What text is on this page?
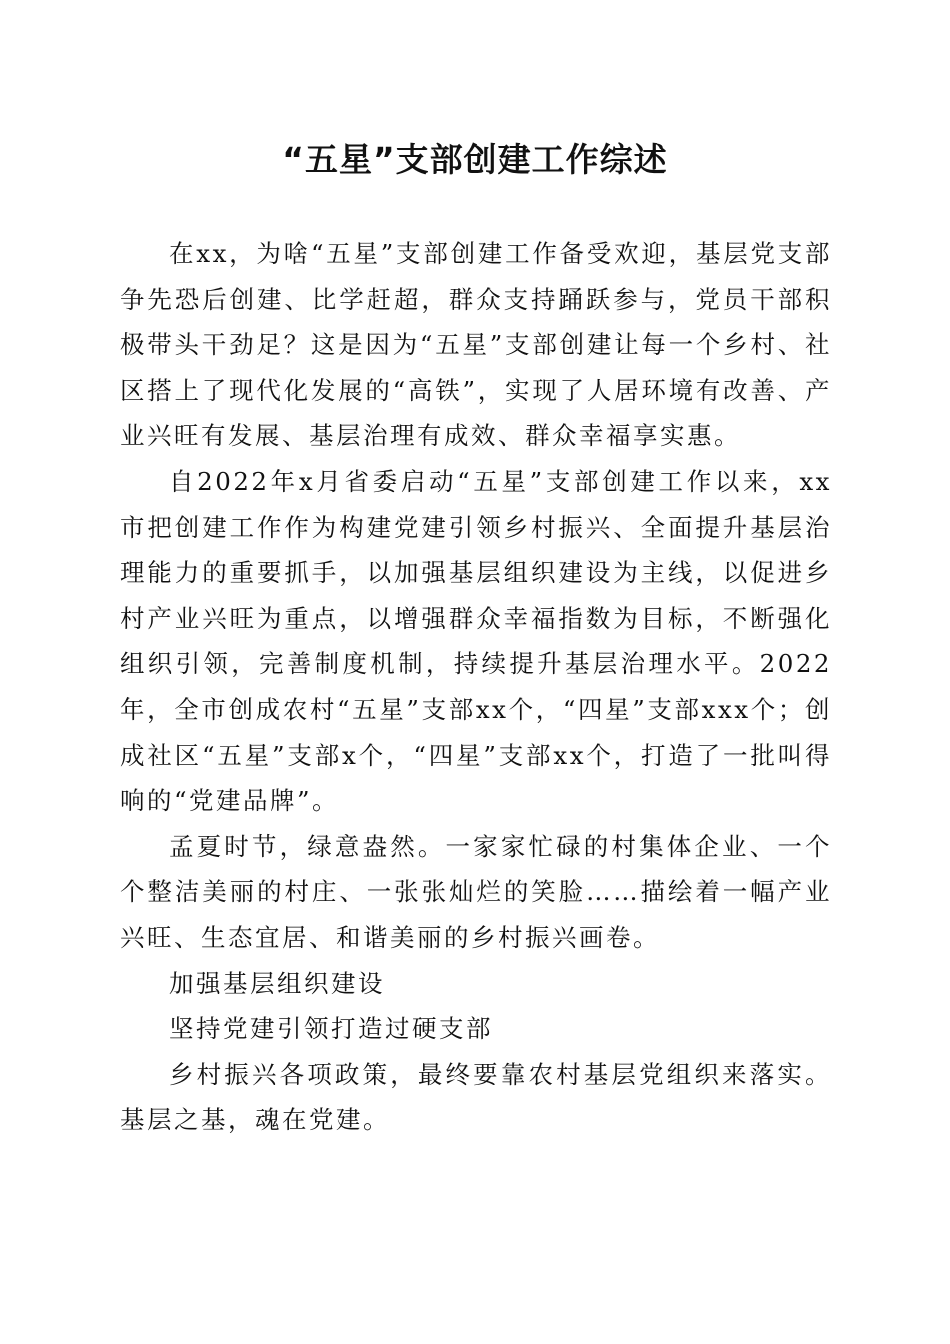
“五星”支部创建工作综述

在xx，为啥“五星”支部创建工作备受欢迎，基层党支部争先恐后创建、比学赶超，群众支持踊跃参与，党员干部积极带头干劲足？这是因为“五星”支部创建让每一个乡村、社区搭上了现代化发展的“高铁”，实现了人居环境有改善、产业兴旺有发展、基层治理有成效、群众幸福享实惠。

自2022年x月省委启动“五星”支部创建工作以来，xx市把创建工作作为构建党建引领乡村振兴、全面提升基层治理能力的重要抓手，以加强基层组织建设为主线，以促进乡村产业兴旺为重点，以增强群众幸福指数为目标，不断强化组织引领，完善制度机制，持续提升基层治理水平。2022年，全市创成农村“五星”支部xx个，“四星”支部xxx个；创成社区“五星”支部x个，“四星”支部xx个，打造了一批叫得响的“党建品牌”。

孟夏时节，绿意盎然。一家家忙碌的村集体企业、一个个整洁美丽的村庄、一张张灿烂的笑脸……描绘着一幅产业兴旺、生态宜居、和谐美丽的乡村振兴画卷。

加强基层组织建设

坚持党建引领打造过硬支部

乡村振兴各项政策，最终要靠农村基层党组织来落实。基层之基，魂在党建。
